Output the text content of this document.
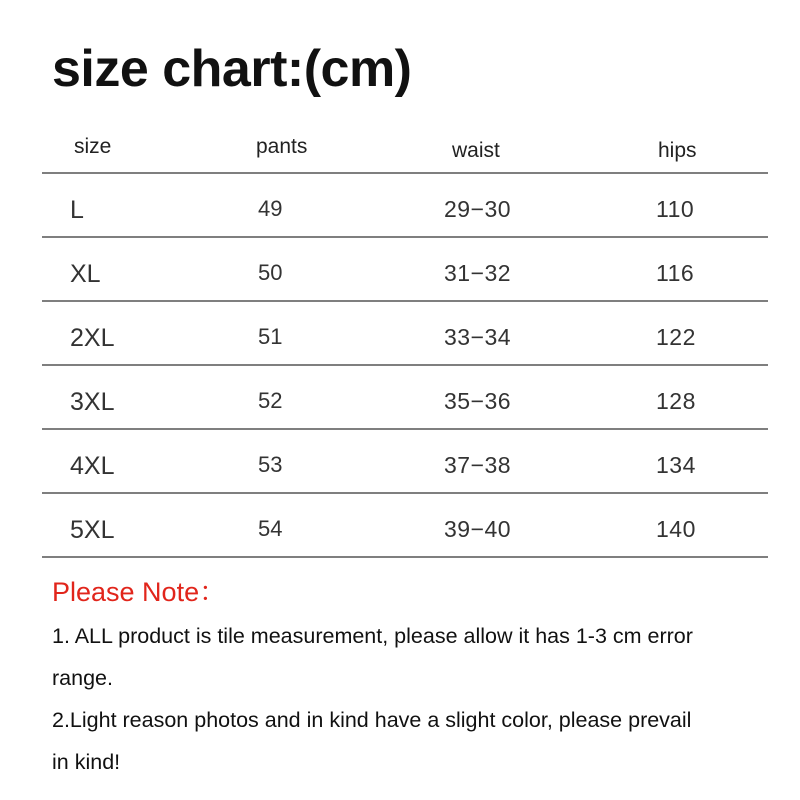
size chart:(cm)
size	pants	waist	hips
L	49	29−30	110
XL	50	31−32	116
2XL	51	33−34	122
3XL	52	35−36	128
4XL	53	37−38	134
5XL	54	39−40	140
Please Note：
1. ALL product is tile measurement, please allow it has 1-3 cm error
range.
2.Light reason photos and in kind have a slight color, please prevail
in kind!
